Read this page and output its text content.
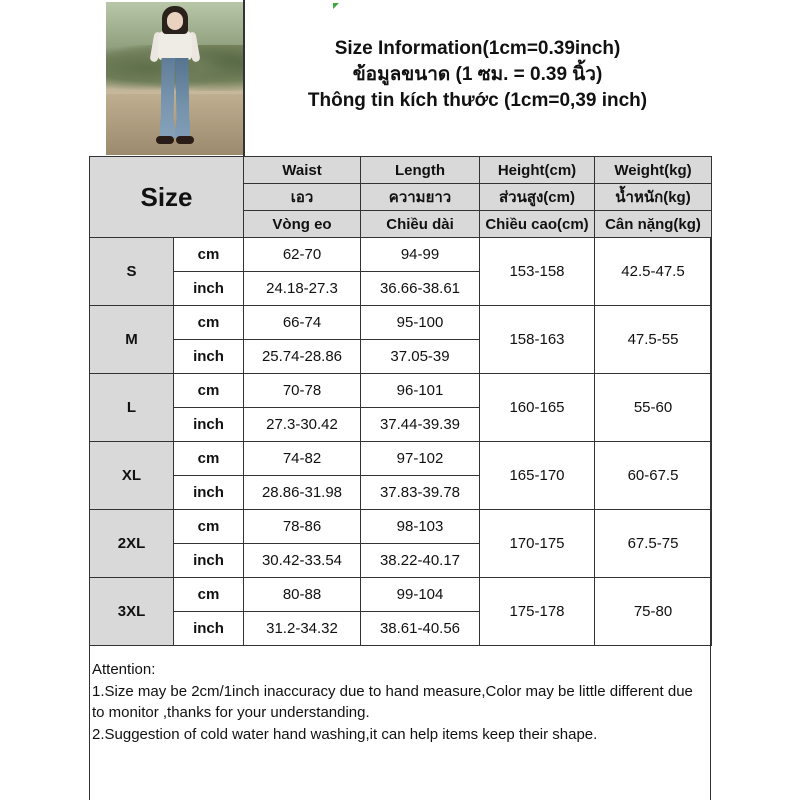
Size Information(1cm=0.39inch)
ข้อมูลขนาด (1 ซม. = 0.39 นิ้ว)
Thông tin kích thước (1cm=0,39 inch)
Size		Waist	Length	Height(cm)	Weight(kg)
		เอว	ความยาว	ส่วนสูง(cm)	น้ำหนัก(kg)
		Vòng eo	Chiều dài	Chiều cao(cm)	Cân nặng(kg)
S	cm	62-70	94-99	153-158	42.5-47.5
	inch	24.18-27.3	36.66-38.61		
M	cm	66-74	95-100	158-163	47.5-55
	inch	25.74-28.86	37.05-39		
L	cm	70-78	96-101	160-165	55-60
	inch	27.3-30.42	37.44-39.39		
XL	cm	74-82	97-102	165-170	60-67.5
	inch	28.86-31.98	37.83-39.78		
2XL	cm	78-86	98-103	170-175	67.5-75
	inch	30.42-33.54	38.22-40.17		
3XL	cm	80-88	99-104	175-178	75-80
	inch	31.2-34.32	38.61-40.56		
Attention:
1.Size may be 2cm/1inch inaccuracy due to hand measure,Color may be little different due to monitor ,thanks for your understanding.
2.Suggestion of cold water hand washing,it can help items keep their shape.
